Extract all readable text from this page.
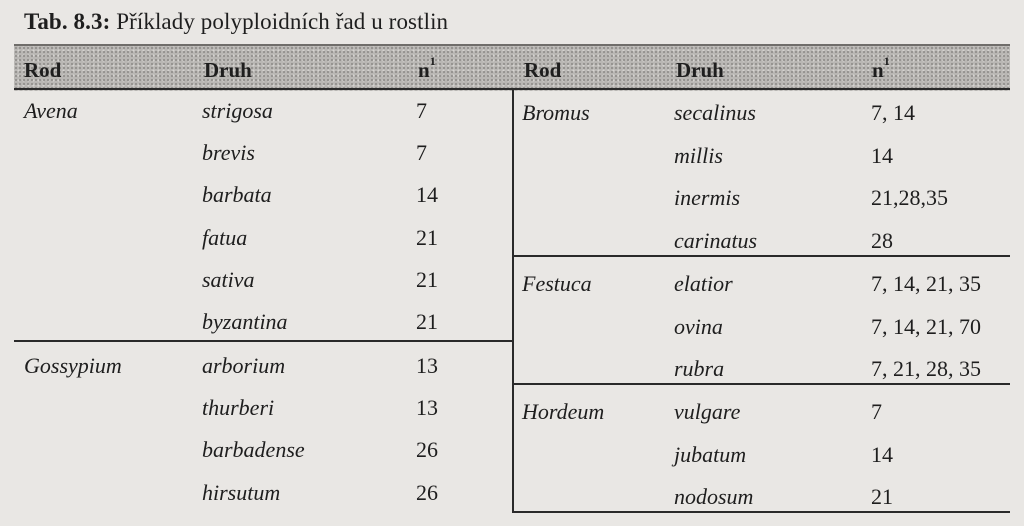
Tab. 8.3: Příklady polyploidních řad u rostlin
Rod	Druh	$n^1$	Rod	Druh	$n^1$
Avena	strigosa	7
brevis	7
barbata	14
fatua	21
sativa	21
byzantina	21
Gossypium	arborium	13
thurberi	13
barbadense	26
hirsutum	26
Bromus	secalinus	7, 14
millis	14
inermis	21,28,35
carinatus	28
Festuca	elatior	7, 14, 21, 35
ovina	7, 14, 21, 70
rubra	7, 21, 28, 35
Hordeum	vulgare	7
jubatum	14
nodosum	21
